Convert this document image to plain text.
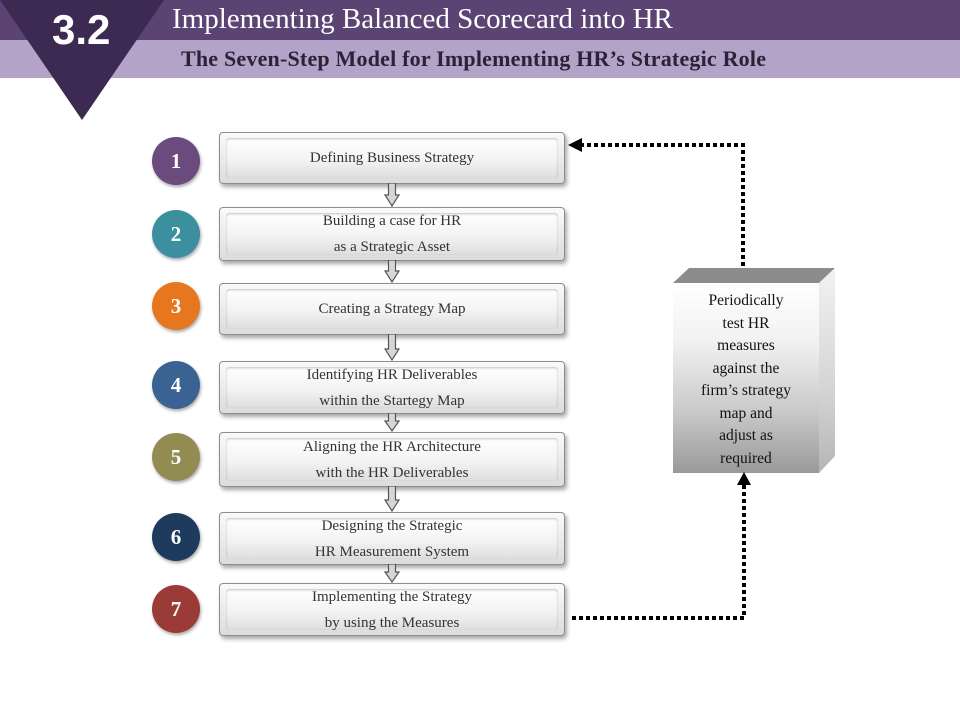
3.2 Implementing Balanced Scorecard into HR
The Seven-Step Model for Implementing HR’s Strategic Role
1
2
3
4
5
6
7
Defining Business Strategy
Building a case for HR
as a Strategic Asset
Creating a Strategy Map
Identifying HR Deliverables
within the Startegy Map
Aligning the HR Architecture
with the HR Deliverables
Designing the Strategic
HR Measurement System
Implementing the Strategy
by using the Measures
Periodically
test HR
measures
against the
firm’s strategy
map and
adjust as
required
